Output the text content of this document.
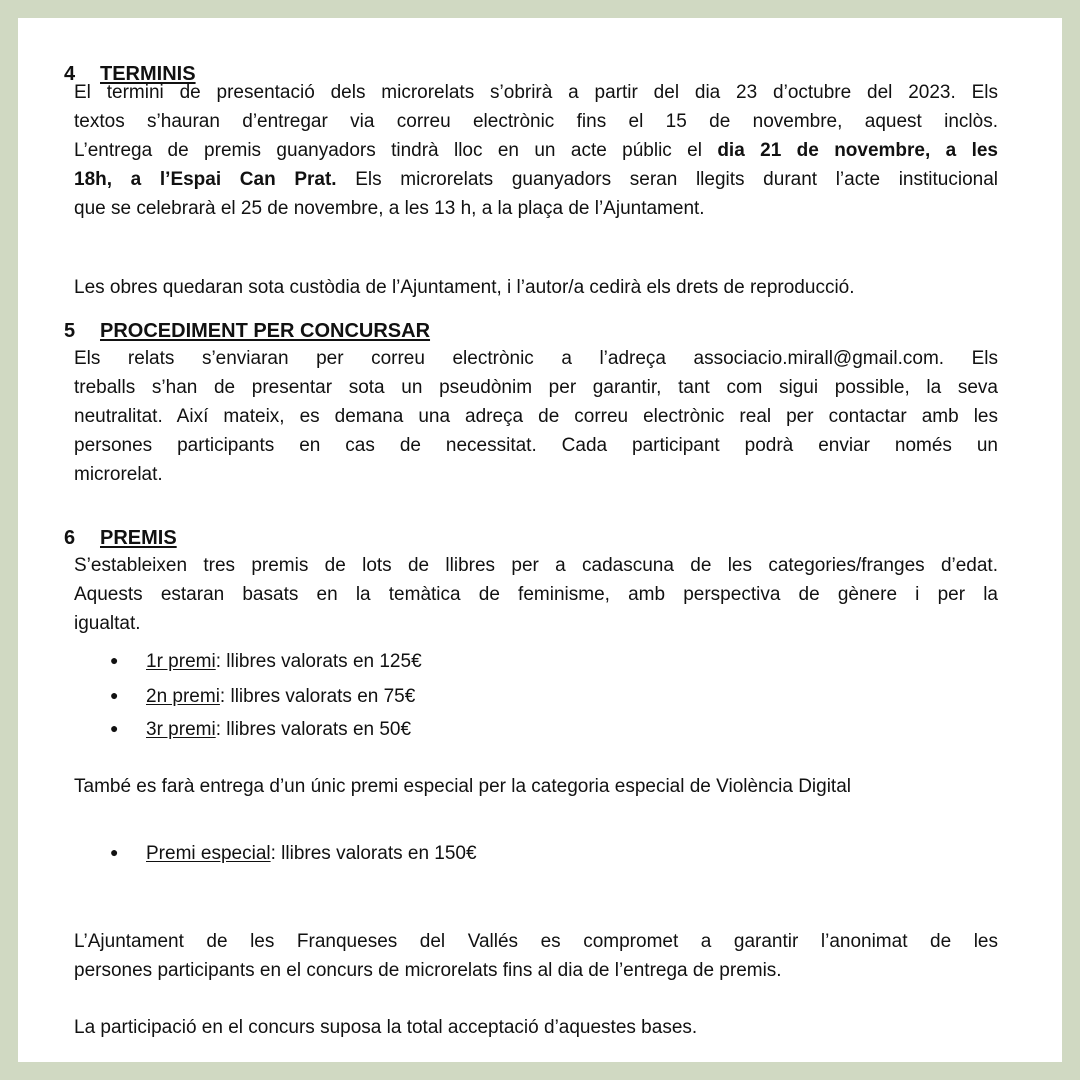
4 TERMINIS
El termini de presentació dels microrelats s’obrirà a partir del dia 23 d’octubre del 2023. Els
textos s’hauran d’entregar via correu electrònic fins el 15 de novembre, aquest inclòs.
L’entrega de premis guanyadors tindrà lloc en un acte públic el dia 21 de novembre, a les
18h, a l’Espai Can Prat. Els microrelats guanyadors seran llegits durant l’acte institucional
que se celebrarà el 25 de novembre, a les 13 h, a la plaça de l’Ajuntament.
Les obres quedaran sota custòdia de l’Ajuntament, i l’autor/a cedirà els drets de reproducció.
5 PROCEDIMENT PER CONCURSAR
Els relats s’enviaran per correu electrònic a l’adreça associacio.mirall@gmail.com. Els
treballs s’han de presentar sota un pseudònim per garantir, tant com sigui possible, la seva
neutralitat. Així mateix, es demana una adreça de correu electrònic real per contactar amb les
persones participants en cas de necessitat. Cada participant podrà enviar només un
microrelat.
6 PREMIS
S’estableixen tres premis de lots de llibres per a cadascuna de les categories/franges d’edat.
Aquests estaran basats en la temàtica de feminisme, amb perspectiva de gènere i per la
igualtat.
● 1r premi: llibres valorats en 125€
● 2n premi: llibres valorats en 75€
● 3r premi: llibres valorats en 50€
També es farà entrega d’un únic premi especial per la categoria especial de Violència Digital
● Premi especial: llibres valorats en 150€
L’Ajuntament de les Franqueses del Vallés es compromet a garantir l’anonimat de les
persones participants en el concurs de microrelats fins al dia de l’entrega de premis.
La participació en el concurs suposa la total acceptació d’aquestes bases.
